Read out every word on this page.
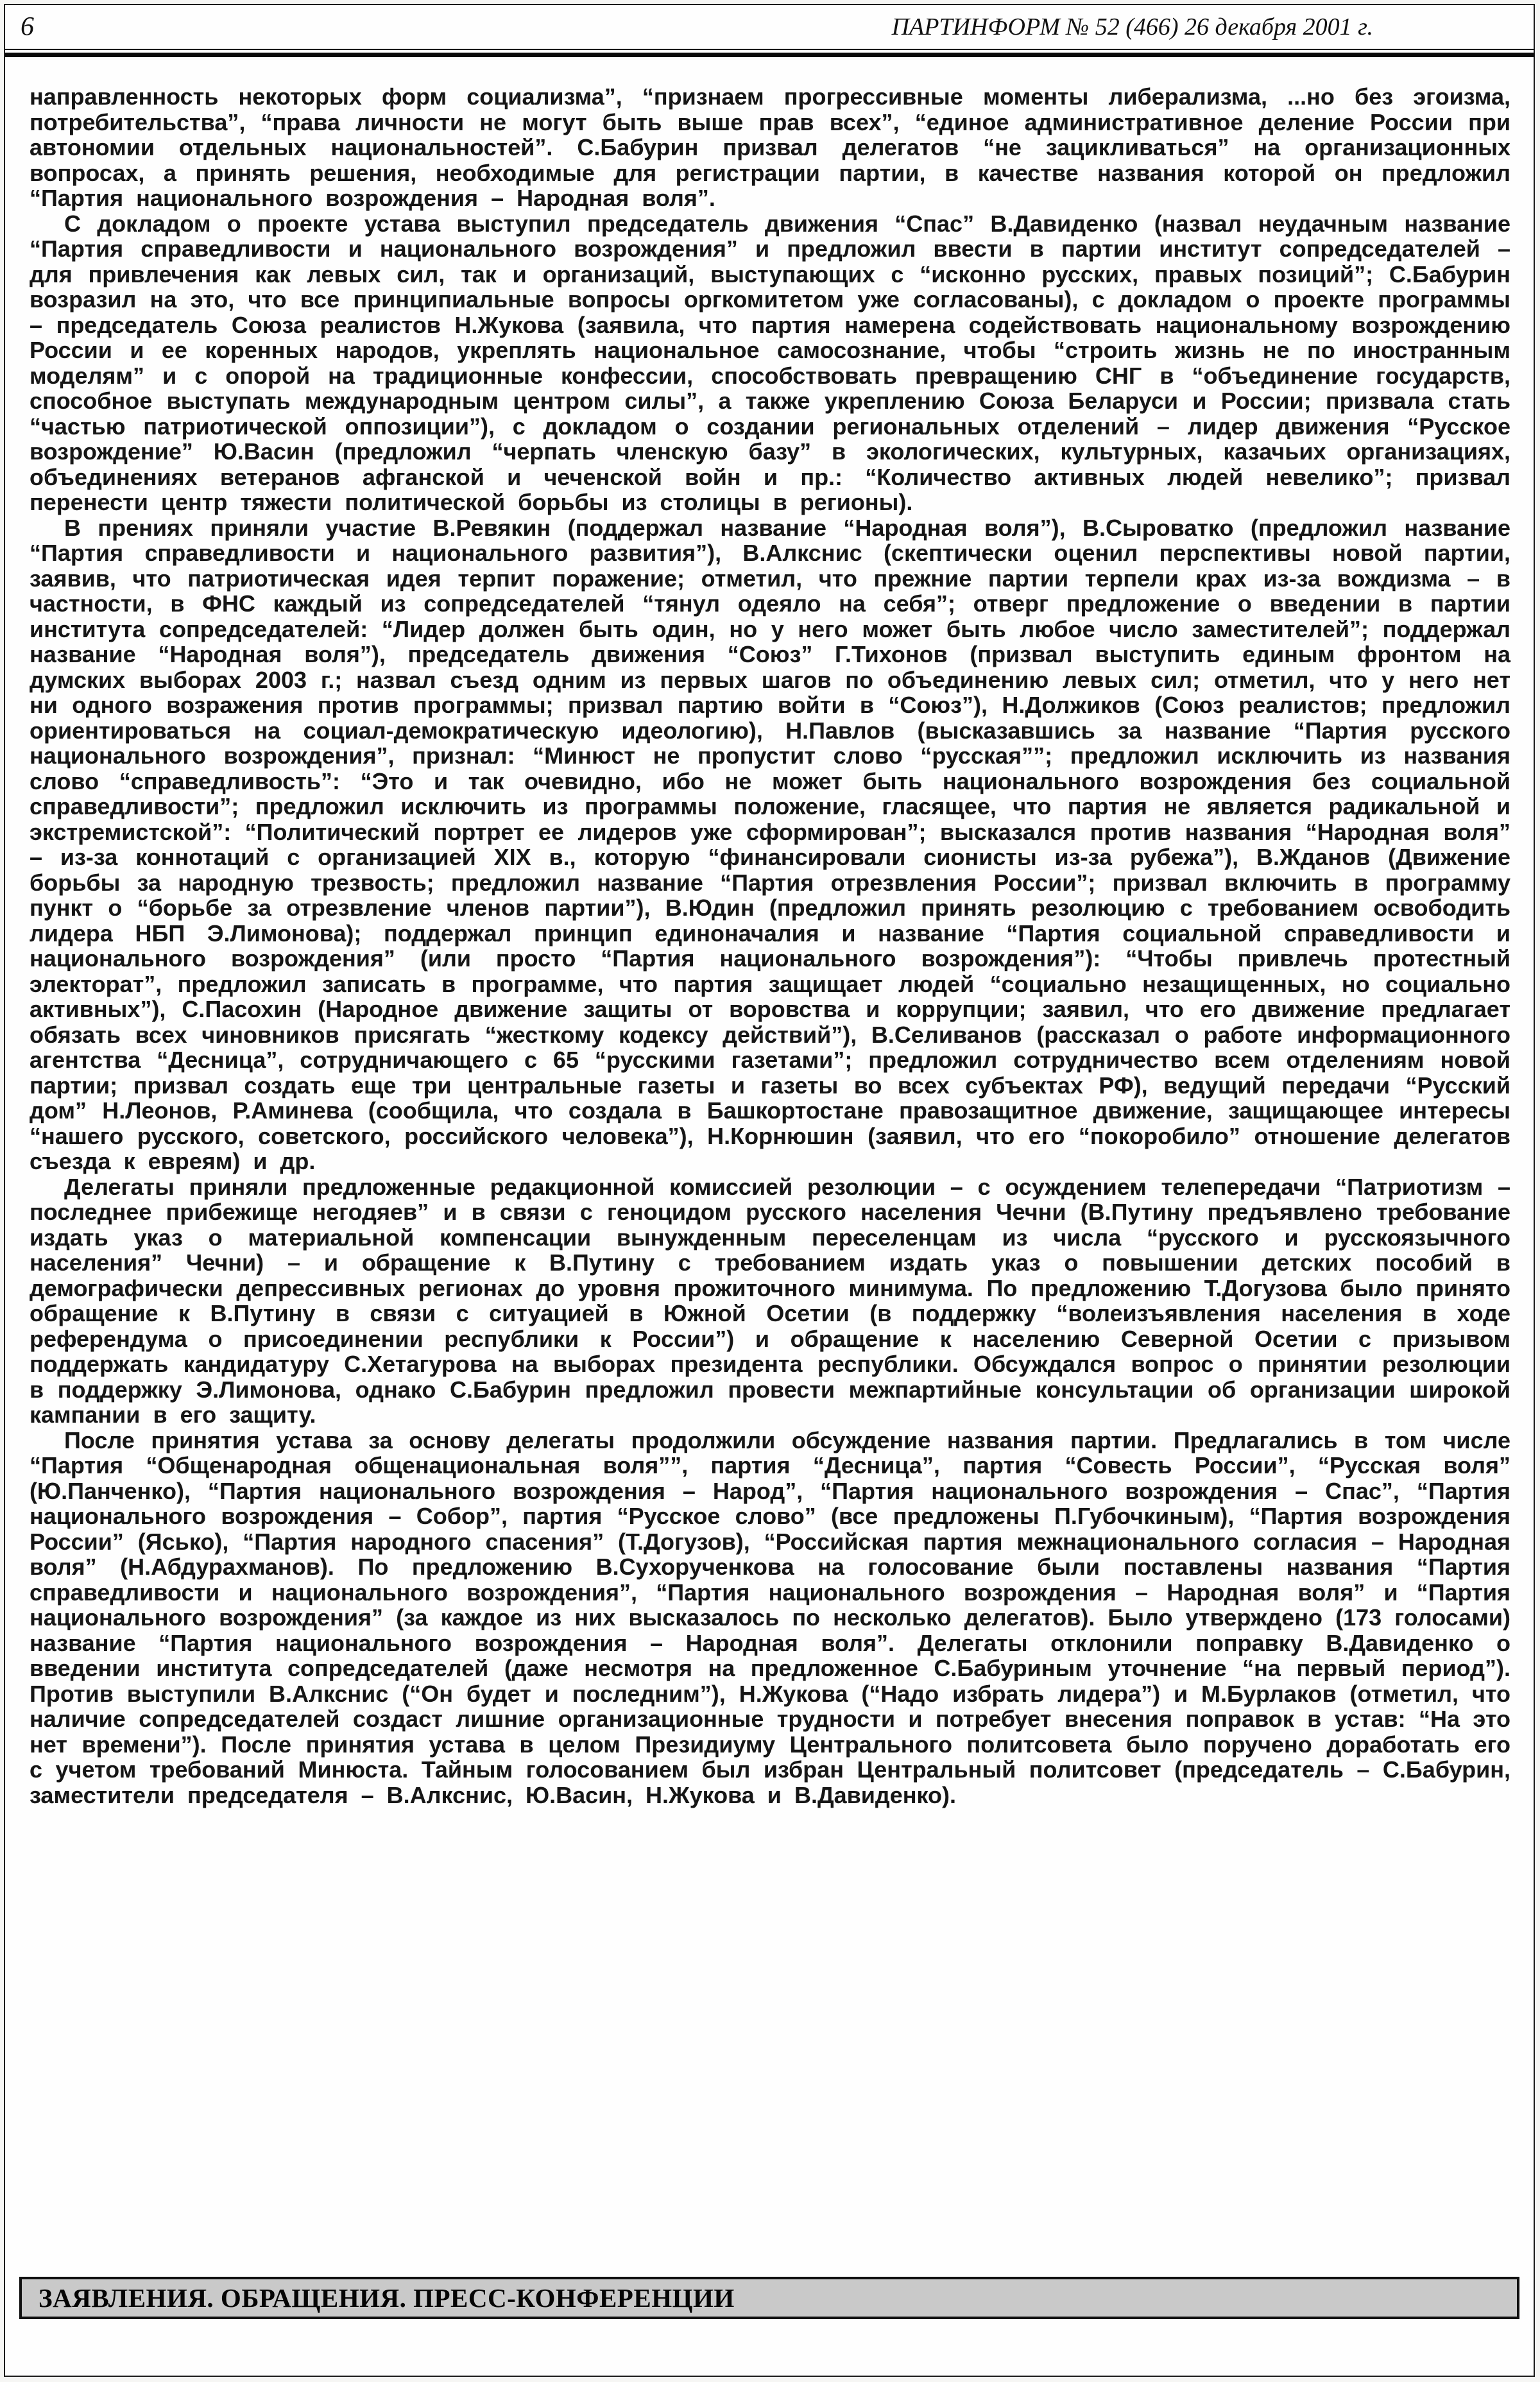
6	ПАРТИНФОРМ № 52 (466) 26 декабря 2001 г.

направленность некоторых форм социализма”, “признаем прогрессивные моменты либерализма, ...но без эгоизма, потребительства”, “права личности не могут быть выше прав всех”, “единое административное деление России при автономии отдельных национальностей”. С.Бабурин призвал делегатов “не зацикливаться” на организационных вопросах, а принять решения, необходимые для регистрации партии, в качестве названия которой он предложил “Партия национального возрождения – Народная воля”.

С докладом о проекте устава выступил председатель движения “Спас” В.Давиденко (назвал неудачным название “Партия справедливости и национального возрождения” и предложил ввести в партии институт сопредседателей – для привлечения как левых сил, так и организаций, выступающих с “исконно русских, правых позиций”; С.Бабурин возразил на это, что все принципиальные вопросы оргкомитетом уже согласованы), с докладом о проекте программы – председатель Союза реалистов Н.Жукова (заявила, что партия намерена содействовать национальному возрождению России и ее коренных народов, укреплять национальное самосознание, чтобы “строить жизнь не по иностранным моделям” и с опорой на традиционные конфессии, способствовать превращению СНГ в “объединение государств, способное выступать международным центром силы”, а также укреплению Союза Беларуси и России; призвала стать “частью патриотической оппозиции”), с докладом о создании региональных отделений – лидер движения “Русское возрождение” Ю.Васин (предложил “черпать членскую базу” в экологических, культурных, казачьих организациях, объединениях ветеранов афганской и чеченской войн и пр.: “Количество активных людей невелико”; призвал перенести центр тяжести политической борьбы из столицы в регионы).

В прениях приняли участие В.Ревякин (поддержал название “Народная воля”), В.Сыроватко (предложил название “Партия справедливости и национального развития”), В.Алкснис (скептически оценил перспективы новой партии, заявив, что патриотическая идея терпит поражение; отметил, что прежние партии терпели крах из-за вождизма – в частности, в ФНС каждый из сопредседателей “тянул одеяло на себя”; отверг предложение о введении в партии института сопредседателей: “Лидер должен быть один, но у него может быть любое число заместителей”; поддержал название “Народная воля”), председатель движения “Союз” Г.Тихонов (призвал выступить единым фронтом на думских выборах 2003 г.; назвал съезд одним из первых шагов по объединению левых сил; отметил, что у него нет ни одного возражения против программы; призвал партию войти в “Союз”), Н.Должиков (Союз реалистов; предложил ориентироваться на социал-демократическую идеологию), Н.Павлов (высказавшись за название “Партия русского национального возрождения”, признал: “Минюст не пропустит слово “русская””; предложил исключить из названия слово “справедливость”: “Это и так очевидно, ибо не может быть национального возрождения без социальной справедливости”; предложил исключить из программы положение, гласящее, что партия не является радикальной и экстремистской”: “Политический портрет ее лидеров уже сформирован”; высказался против названия “Народная воля” – из-за коннотаций с организацией XIX в., которую “финансировали сионисты из-за рубежа”), В.Жданов (Движение борьбы за народную трезвость; предложил название “Партия отрезвления России”; призвал включить в программу пункт о “борьбе за отрезвление членов партии”), В.Юдин (предложил принять резолюцию с требованием освободить лидера НБП Э.Лимонова); поддержал принцип единоначалия и название “Партия социальной справедливости и национального возрождения” (или просто “Партия национального возрождения”): “Чтобы привлечь протестный электорат”, предложил записать в программе, что партия защищает людей “социально незащищенных, но социально активных”), С.Пасохин (Народное движение защиты от воровства и коррупции; заявил, что его движение предлагает обязать всех чиновников присягать “жесткому кодексу действий”), В.Селиванов (рассказал о работе информационного агентства “Десница”, сотрудничающего с 65 “русскими газетами”; предложил сотрудничество всем отделениям новой партии; призвал создать еще три центральные газеты и газеты во всех субъектах РФ), ведущий передачи “Русский дом” Н.Леонов, Р.Аминева (сообщила, что создала в Башкортостане правозащитное движение, защищающее интересы “нашего русского, советского, российского человека”), Н.Корнюшин (заявил, что его “покоробило” отношение делегатов съезда к евреям) и др.

Делегаты приняли предложенные редакционной комиссией резолюции – с осуждением телепередачи “Патриотизм – последнее прибежище негодяев” и в связи с геноцидом русского населения Чечни (В.Путину предъявлено требование издать указ о материальной компенсации вынужденным переселенцам из числа “русского и русскоязычного населения” Чечни) – и обращение к В.Путину с требованием издать указ о повышении детских пособий в демографически депрессивных регионах до уровня прожиточного минимума. По предложению Т.Догузова было принято обращение к В.Путину в связи с ситуацией в Южной Осетии (в поддержку “волеизъявления населения в ходе референдума о присоединении республики к России”) и обращение к населению Северной Осетии с призывом поддержать кандидатуру С.Хетагурова на выборах президента республики. Обсуждался вопрос о принятии резолюции в поддержку Э.Лимонова, однако С.Бабурин предложил провести межпартийные консультации об организации широкой кампании в его защиту.

После принятия устава за основу делегаты продолжили обсуждение названия партии. Предлагались в том числе “Партия “Общенародная общенациональная воля””, партия “Десница”, партия “Совесть России”, “Русская воля” (Ю.Панченко), “Партия национального возрождения – Народ”, “Партия национального возрождения – Спас”, “Партия национального возрождения – Собор”, партия “Русское слово” (все предложены П.Губочкиным), “Партия возрождения России” (Ясько), “Партия народного спасения” (Т.Догузов), “Российская партия межнационального согласия – Народная воля” (Н.Абдурахманов). По предложению В.Сухорученкова на голосование были поставлены названия “Партия справедливости и национального возрождения”, “Партия национального возрождения – Народная воля” и “Партия национального возрождения” (за каждое из них высказалось по несколько делегатов). Было утверждено (173 голосами) название “Партия национального возрождения – Народная воля”. Делегаты отклонили поправку В.Давиденко о введении института сопредседателей (даже несмотря на предложенное С.Бабуриным уточнение “на первый период”). Против выступили В.Алкснис (“Он будет и последним”), Н.Жукова (“Надо избрать лидера”) и М.Бурлаков (отметил, что наличие сопредседателей создаст лишние организационные трудности и потребует внесения поправок в устав: “На это нет времени”). После принятия устава в целом Президиуму Центрального политсовета было поручено доработать его с учетом требований Минюста. Тайным голосованием был избран Центральный политсовет (председатель – С.Бабурин, заместители председателя – В.Алкснис, Ю.Васин, Н.Жукова и В.Давиденко).

ЗАЯВЛЕНИЯ. ОБРАЩЕНИЯ. ПРЕСС-КОНФЕРЕНЦИИ
